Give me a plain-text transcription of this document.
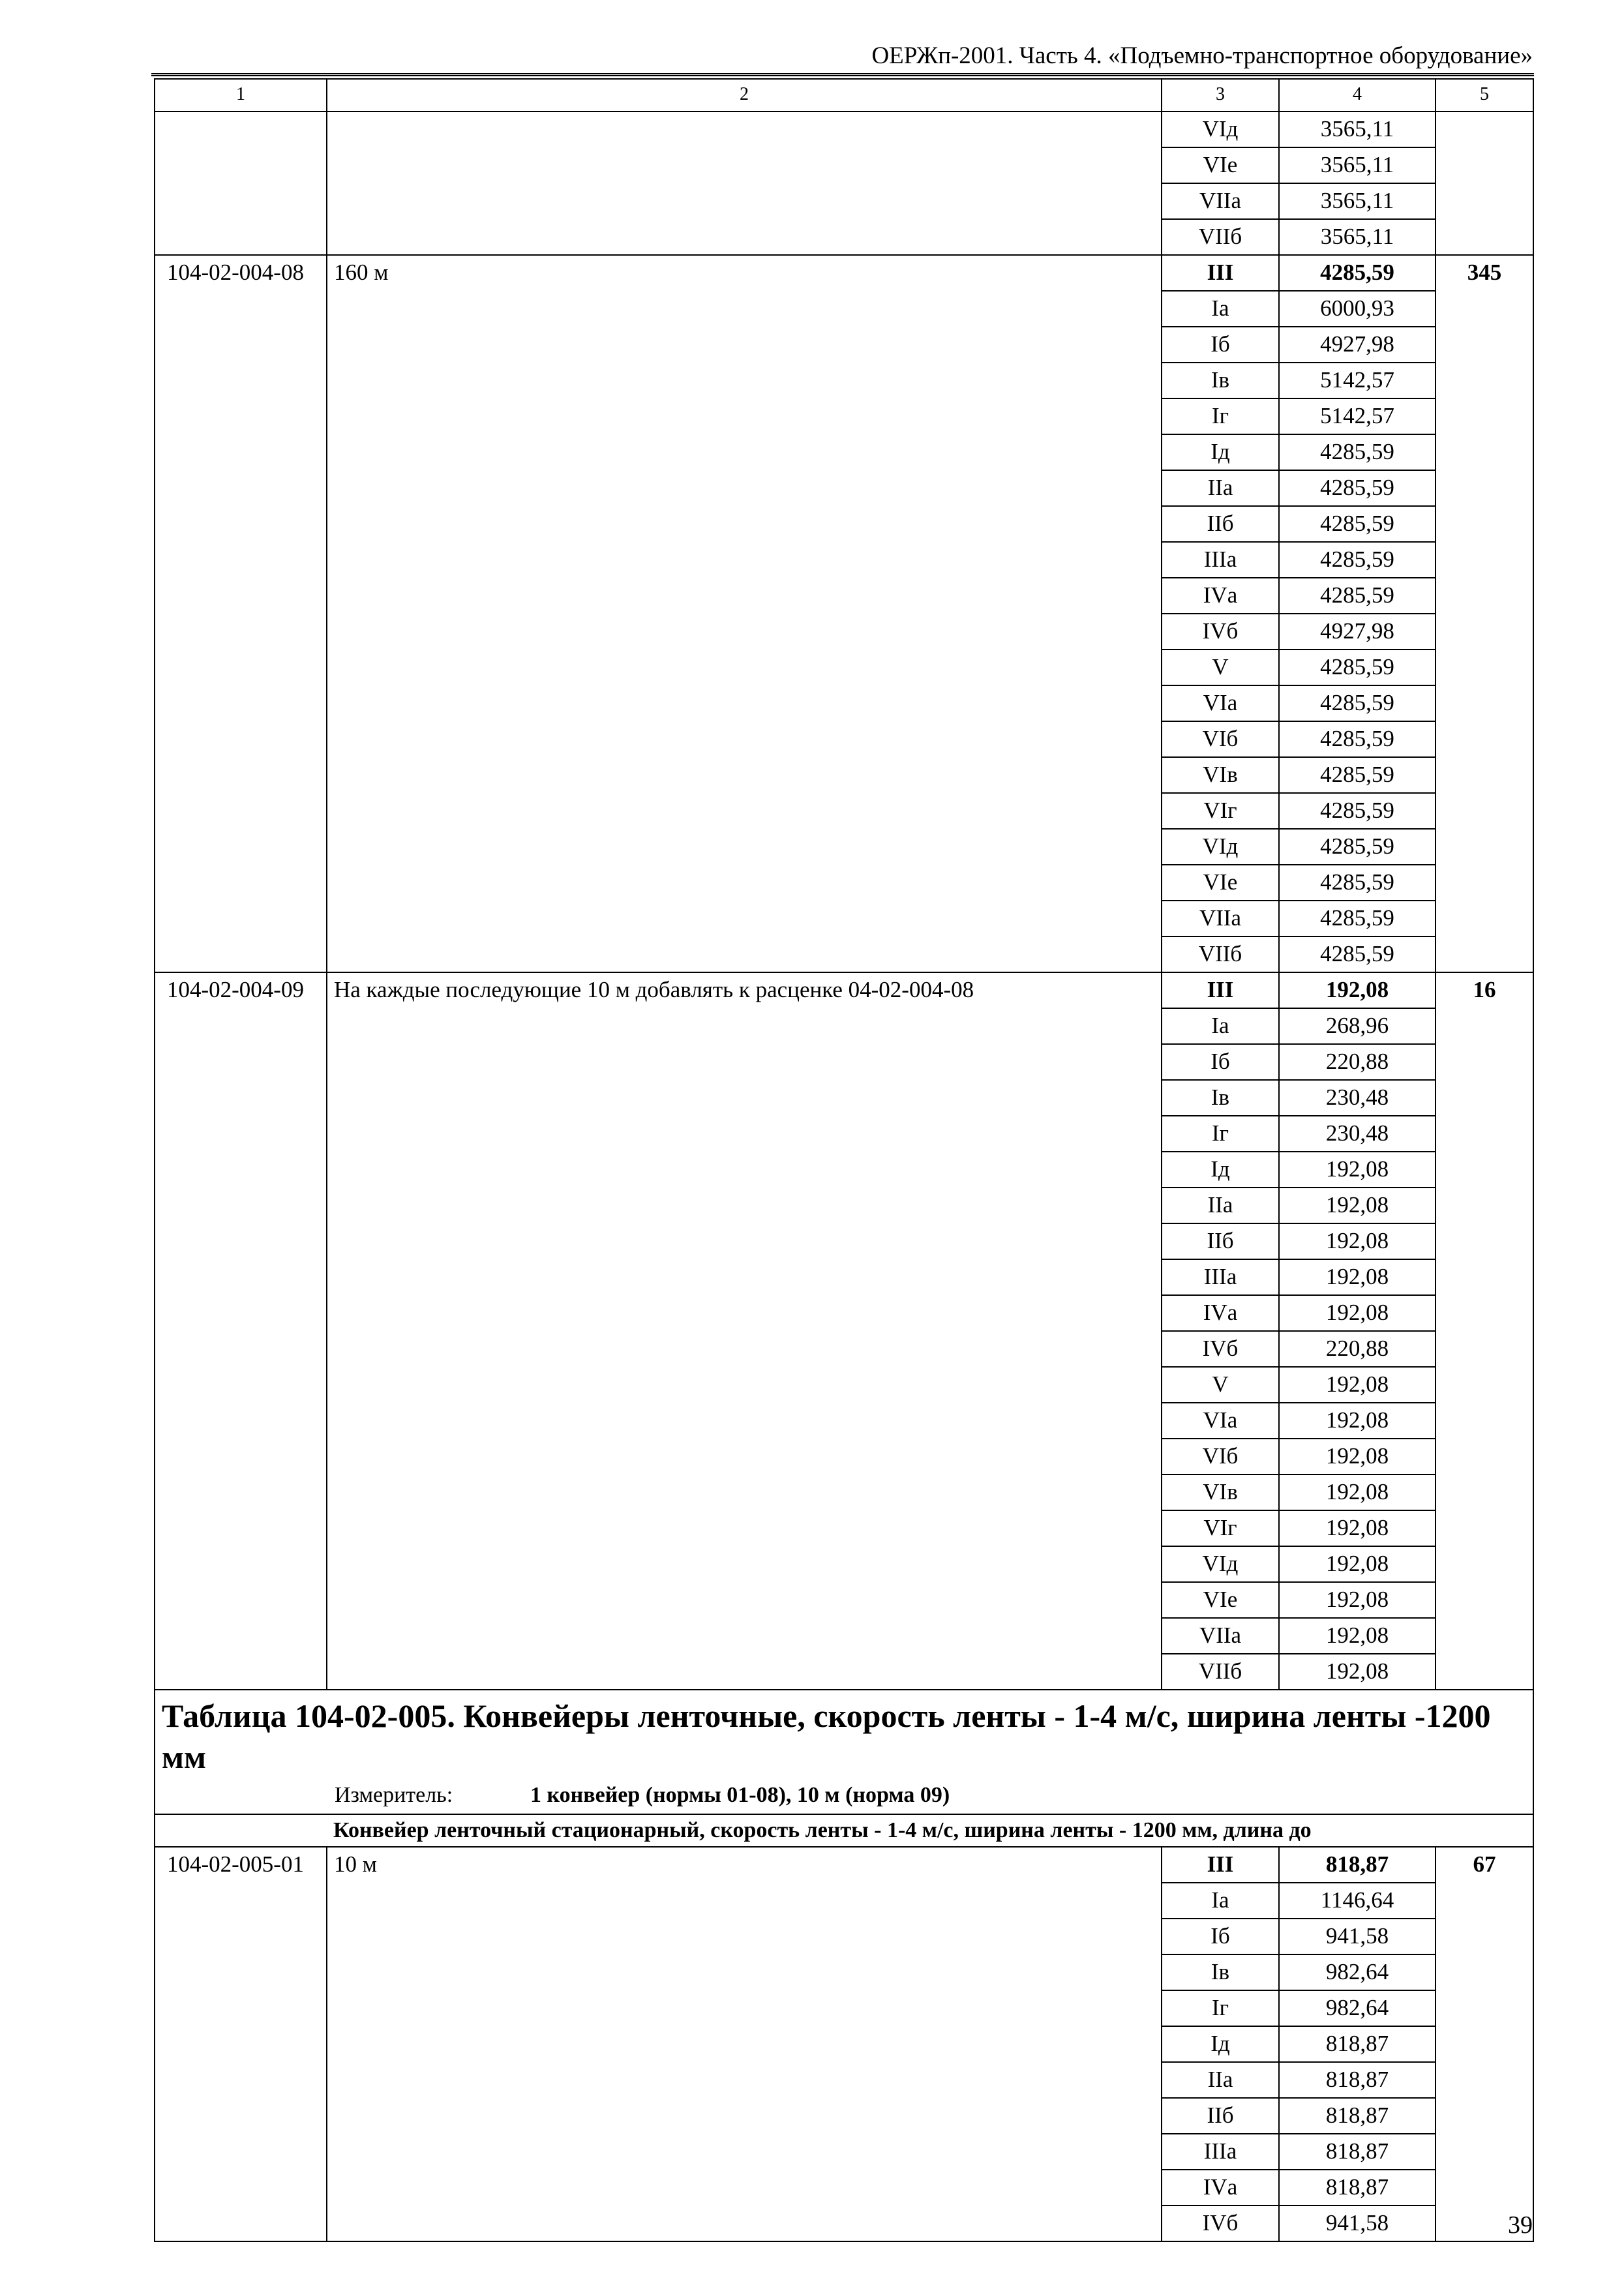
ОЕРЖп-2001. Часть 4. «Подъемно-транспортное оборудование»
1	2	3	4	5
		VIд	3565,11	
		VIе	3565,11	
		VIIа	3565,11	
		VIIб	3565,11	
104-02-004-08	160 м	III	4285,59	345
		Iа	6000,93	
		Iб	4927,98	
		Iв	5142,57	
		Iг	5142,57	
		Iд	4285,59	
		IIа	4285,59	
		IIб	4285,59	
		IIIа	4285,59	
		IVа	4285,59	
		IVб	4927,98	
		V	4285,59	
		VIа	4285,59	
		VIб	4285,59	
		VIв	4285,59	
		VIг	4285,59	
		VIд	4285,59	
		VIе	4285,59	
		VIIа	4285,59	
		VIIб	4285,59	
104-02-004-09	На каждые последующие 10 м добавлять к расценке 04-02-004-08	III	192,08	16
		Iа	268,96	
		Iб	220,88	
		Iв	230,48	
		Iг	230,48	
		Iд	192,08	
		IIа	192,08	
		IIб	192,08	
		IIIа	192,08	
		IVа	192,08	
		IVб	220,88	
		V	192,08	
		VIа	192,08	
		VIб	192,08	
		VIв	192,08	
		VIг	192,08	
		VIд	192,08	
		VIе	192,08	
		VIIа	192,08	
		VIIб	192,08	

Таблица 104-02-005. Конвейеры ленточные, скорость ленты - 1-4 м/с, ширина ленты -1200 мм
Измеритель: 1 конвейер (нормы 01-08), 10 м (норма 09)				

	Конвейер ленточный стационарный, скорость ленты - 1-4 м/с, ширина ленты - 1200 мм, длина до			
104-02-005-01	10 м	III	818,87	67
		Iа	1146,64	
		Iб	941,58	
		Iв	982,64	
		Iг	982,64	
		Iд	818,87	
		IIа	818,87	
		IIб	818,87	
		IIIа	818,87	
		IVа	818,87	
		IVб	941,58		39
